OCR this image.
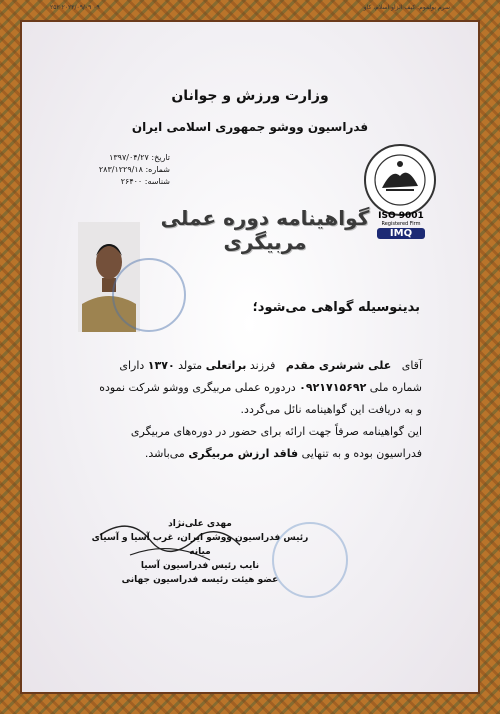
۲۵۲ ۲۰۲۲/۰۹/۰۹ ۰۹	سرم پولموم: کیف الزاو اسلام، کاو
وزارت ورزش و جوانان
فدراسیون ووشو جمهوری اسلامی ایران
تاریخ: ۱۳۹۷/۰۴/۲۷
شماره: ۲۸۳/۱۲۲۹/۱۸
شناسه: ۲۶۴۰۰
ISO 9001
Registered Firm
IMQ
گواهینامه دوره عملی مربیگری
بدینوسیله گواهی می‌شود؛
آقای   علی شرشری مقدم   فرزند براتعلی متولد ۱۳۷۰ دارای
شماره ملی ۰۹۲۱۷۱۵۶۹۲ دردوره عملی مربیگری ووشو شرکت نموده
و به دریافت این گواهینامه نائل می‌گردد.
این گواهینامه صرفاً جهت ارائه برای حضور در دوره‌های مربیگری
فدراسیون بوده و به تنهایی فاقد ارزش مربیگری می‌باشد.
مهدی علی‌نژاد
رئیس فدراسیون ووشو ایران، غرب آسیا و آسیای میانه
نایب رئیس فدراسیون آسیا
عضو هیئت رئیسه فدراسیون جهانی
